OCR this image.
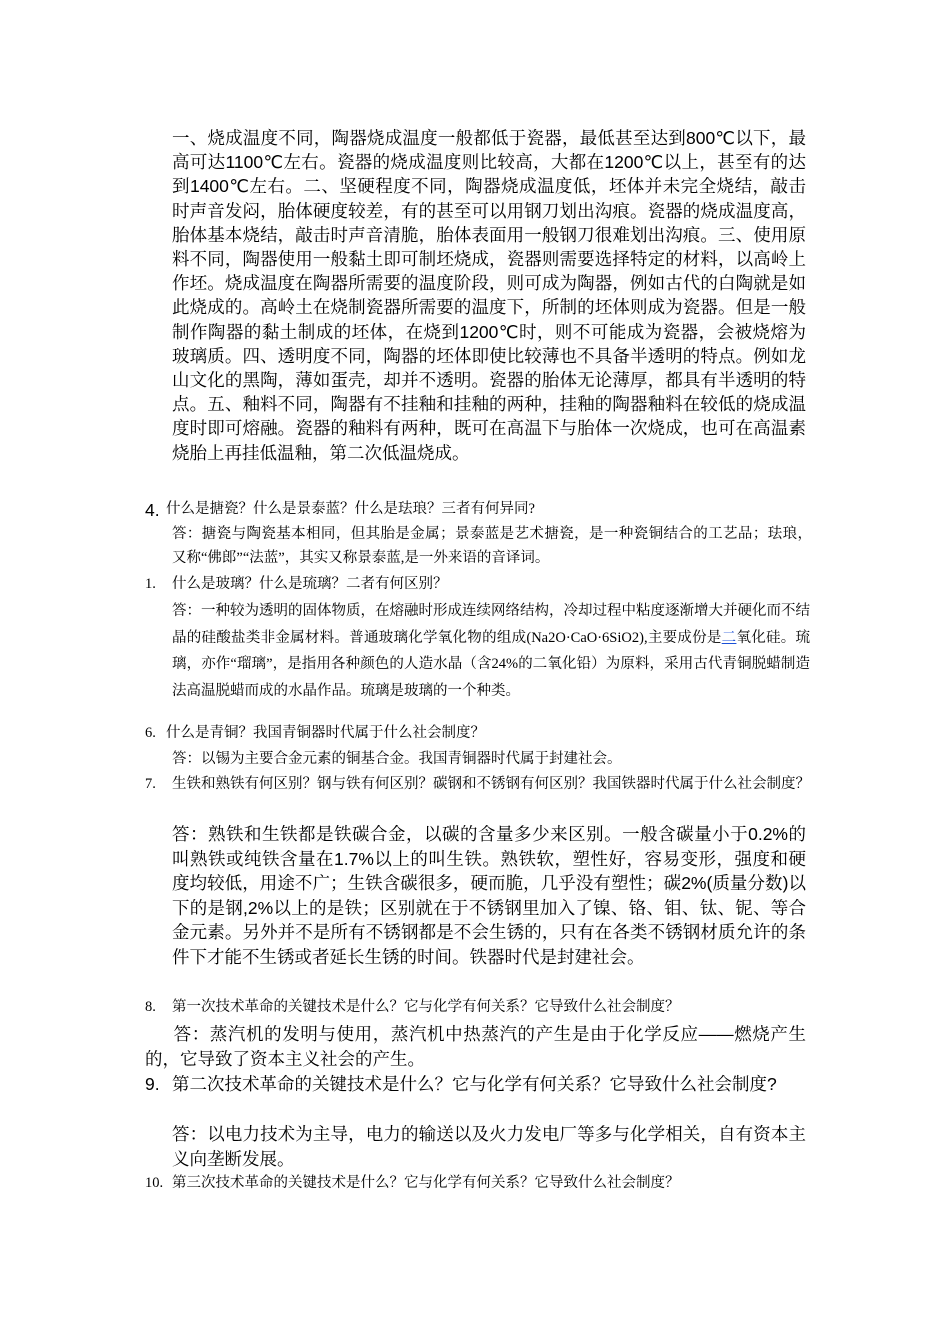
一、烧成温度不同，陶器烧成温度一般都低于瓷器，最低甚至达到800℃以下，最高可达1100℃左右。瓷器的烧成温度则比较高，大都在1200℃以上，甚至有的达到1400℃左右。二、坚硬程度不同，陶器烧成温度低，坯体并未完全烧结，敲击时声音发闷，胎体硬度较差，有的甚至可以用钢刀划出沟痕。瓷器的烧成温度高，胎体基本烧结，敲击时声音清脆，胎体表面用一般钢刀很难划出沟痕。三、使用原料不同，陶器使用一般黏土即可制坯烧成，瓷器则需要选择特定的材料，以高岭上作坯。烧成温度在陶器所需要的温度阶段，则可成为陶器，例如古代的白陶就是如此烧成的。高岭土在烧制瓷器所需要的温度下，所制的坯体则成为瓷器。但是一般制作陶器的黏土制成的坯体，在烧到1200℃时，则不可能成为瓷器，会被烧熔为玻璃质。四、透明度不同，陶器的坯体即使比较薄也不具备半透明的特点。例如龙山文化的黑陶，薄如蛋壳，却并不透明。瓷器的胎体无论薄厚，都具有半透明的特点。五、釉料不同，陶器有不挂釉和挂釉的两种，挂釉的陶器釉料在较低的烧成温度时即可熔融。瓷器的釉料有两种，既可在高温下与胎体一次烧成，也可在高温素烧胎上再挂低温釉，第二次低温烧成。

4. 什么是搪瓷？什么是景泰蓝？什么是珐琅？三者有何异同?

答：搪瓷与陶瓷基本相同，但其胎是金属；景泰蓝是艺术搪瓷，是一种瓷铜结合的工艺品；珐琅， 又称“佛郎”“法蓝”，其实又称景泰蓝,是一外来语的音译词。

1. 什么是玻璃？什么是琉璃？二者有何区别？

答：一种较为透明的固体物质，在熔融时形成连续网络结构，冷却过程中粘度逐渐增大并硬化而不结晶的硅酸盐类非金属材料。普通玻璃化学氧化物的组成(Na2O·CaO·6SiO2),主要成份是二氧化硅。琉璃，亦作“瑠璃”，是指用各种颜色的人造水晶（含24%的二氧化铅）为原料，采用古代青铜脱蜡制造法高温脱蜡而成的水晶作品。琉璃是玻璃的一个种类。

6. 什么是青铜？我国青铜器时代属于什么社会制度？

答：以锡为主要合金元素的铜基合金。我国青铜器时代属于封建社会。

7. 生铁和熟铁有何区别？钢与铁有何区别？碳钢和不锈钢有何区别？我国铁器时代属于什么社会制度？

答：熟铁和生铁都是铁碳合金，以碳的含量多少来区别。一般含碳量小于0.2%的叫熟铁或纯铁含量在1.7%以上的叫生铁。熟铁软，塑性好，容易变形，强度和硬度均较低，用途不广；生铁含碳很多，硬而脆，几乎没有塑性；碳2%(质量分数)以下的是钢,2%以上的是铁；区别就在于不锈钢里加入了镍、铬、钼、钛、铌、等合金元素。另外并不是所有不锈钢都是不会生锈的，只有在各类不锈钢材质允许的条件下才能不生锈或者延长生锈的时间。铁器时代是封建社会。

8. 第一次技术革命的关键技术是什么？它与化学有何关系？它导致什么社会制度？

答：蒸汽机的发明与使用，蒸汽机中热蒸汽的产生是由于化学反应——燃烧产生的，它导致了资本主义社会的产生。

9. 第二次技术革命的关键技术是什么？它与化学有何关系？它导致什么社会制度?

答：以电力技术为主导，电力的输送以及火力发电厂等多与化学相关，自有资本主义向垄断发展。

10. 第三次技术革命的关键技术是什么？它与化学有何关系？它导致什么社会制度？
